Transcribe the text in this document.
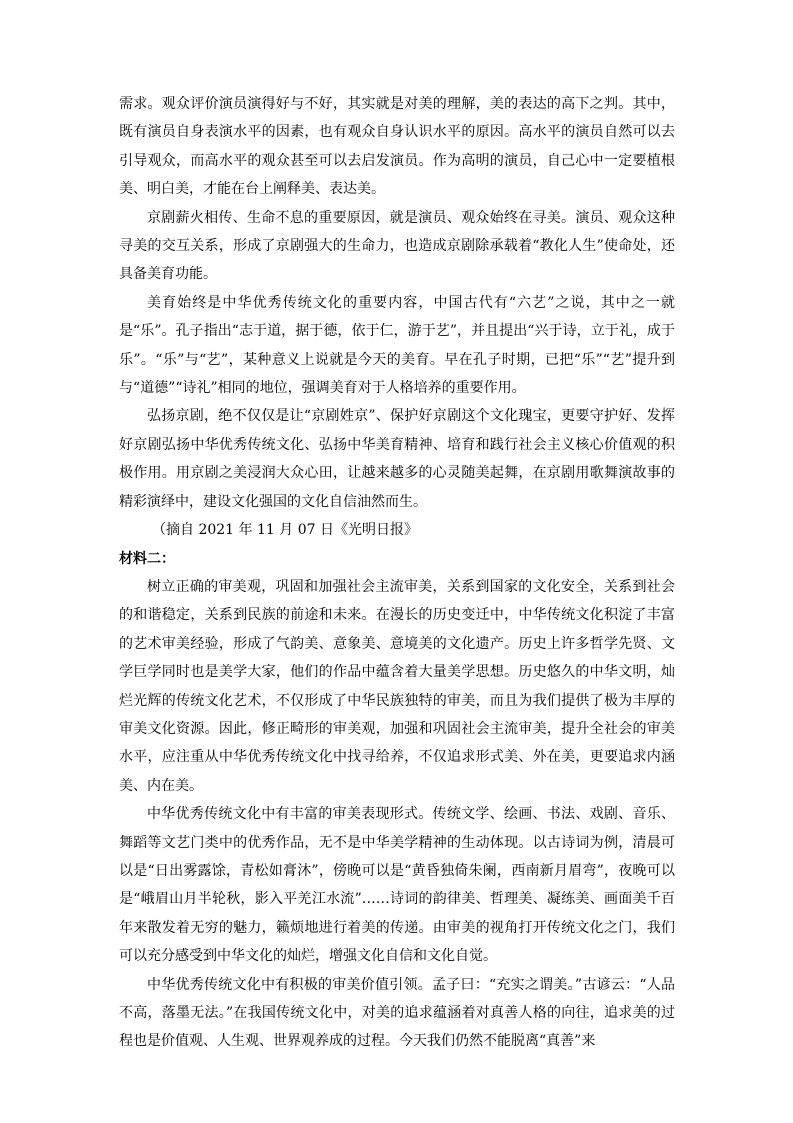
需求。观众评价演员演得好与不好，其实就是对美的理解，美的表达的高下之判。其中，既有演员自身表演水平的因素，也有观众自身认识水平的原因。高水平的演员自然可以去引导观众，而高水平的观众甚至可以去启发演员。作为高明的演员，自己心中一定要植根美、明白美，才能在台上阐释美、表达美。

京剧薪火相传、生命不息的重要原因，就是演员、观众始终在寻美。演员、观众这种寻美的交互关系，形成了京剧强大的生命力，也造成京剧除承载着“教化人生”使命处，还具备美育功能。

美育始终是中华优秀传统文化的重要内容，中国古代有“六艺”之说，其中之一就是“乐”。孔子指出“志于道，据于德，依于仁，游于艺”，并且提出“兴于诗，立于礼，成于乐”。“乐”与“艺”，某种意义上说就是今天的美育。早在孔子时期，已把“乐”“艺”提升到与“道德”“诗礼”相同的地位，强调美育对于人格培养的重要作用。

弘扬京剧，绝不仅仅是让“京剧姓京”、保护好京剧这个文化瑰宝，更要守护好、发挥好京剧弘扬中华优秀传统文化、弘扬中华美育精神、培育和践行社会主义核心价值观的积极作用。用京剧之美浸润大众心田，让越来越多的心灵随美起舞，在京剧用歌舞演故事的精彩演绎中，建设文化强国的文化自信油然而生。

（摘自 2021 年 11 月 07 日《光明日报》

材料二：

树立正确的审美观，巩固和加强社会主流审美，关系到国家的文化安全，关系到社会的和谐稳定，关系到民族的前途和未来。在漫长的历史变迁中，中华传统文化积淀了丰富的艺术审美经验，形成了气韵美、意象美、意境美的文化遗产。历史上许多哲学先贤、文学巨学同时也是美学大家，他们的作品中蕴含着大量美学思想。历史悠久的中华文明，灿烂光辉的传统文化艺术，不仅形成了中华民族独特的审美，而且为我们提供了极为丰厚的审美文化资源。因此，修正畸形的审美观，加强和巩固社会主流审美，提升全社会的审美水平，应注重从中华优秀传统文化中找寻给养，不仅追求形式美、外在美，更要追求内涵美、内在美。

中华优秀传统文化中有丰富的审美表现形式。传统文学、绘画、书法、戏剧、音乐、舞蹈等文艺门类中的优秀作品，无不是中华美学精神的生动体现。以古诗词为例，清晨可以是“日出雾露馀，青松如膏沐”，傍晚可以是“黄昏独倚朱阑，西南新月眉弯”，夜晚可以是“峨眉山月半轮秋，影入平羌江水流”……诗词的韵律美、哲理美、凝练美、画面美千百年来散发着无穷的魅力，籁烦地进行着美的传递。由审美的视角打开传统文化之门，我们可以充分感受到中华文化的灿烂，增强文化自信和文化自觉。

中华优秀传统文化中有积极的审美价值引领。孟子曰：“充实之谓美。”古谚云：“人品不高，落墨无法。”在我国传统文化中，对美的追求蕴涵着对真善人格的向往，追求美的过程也是价值观、人生观、世界观养成的过程。今天我们仍然不能脱离“真善”来
